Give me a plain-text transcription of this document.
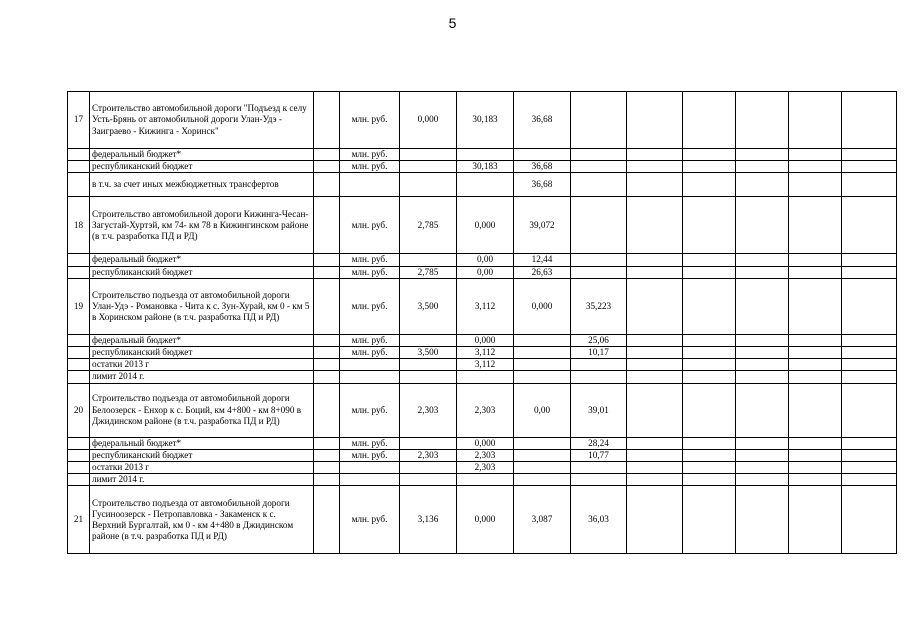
5
17	Строительство автомобильной дороги "Подъезд к селу Усть-Брянь от автомобильной дороги Улан-Удэ - Заиграево - Кижинга - Хоринск"		млн. руб.	0,000	30,183	36,68						
	федеральный бюджет*		млн. руб.									
	республиканский бюджет		млн. руб.		30,183	36,68						
	в т.ч. за счет иных межбюджетных трансфертов					36,68						
18	Строительство автомобильной дороги Кижинга-Чесан-Загустай-Хуртэй, км 74- км 78 в Кижингинском районе (в т.ч. разработка ПД и РД)		млн. руб.	2,785	0,000	39,072						
	федеральный бюджет*		млн. руб.		0,00	12,44						
	республиканский бюджет		млн. руб.	2,785	0,00	26,63						
19	Строительство подъезда от автомобильной дороги Улан-Удэ - Романовка - Чита к с. Зун-Хурай, км 0 - км 5 в Хоринском районе (в т.ч. разработка ПД и РД)		млн. руб.	3,500	3,112	0,000	35,223					
	федеральный бюджет*		млн. руб.		0,000		25,06					
	республиканский бюджет		млн. руб.	3,500	3,112		10,17					
	остатки 2013 г				3,112							
	лимит 2014 г.											
20	Строительство подъезда от автомобильной дороги Белоозерск - Енхор к с. Боций, км 4+800 - км 8+090 в Джидинском районе (в т.ч. разработка ПД и РД)		млн. руб.	2,303	2,303	0,00	39,01					
	федеральный бюджет*		млн. руб.		0,000		28,24					
	республиканский бюджет		млн. руб.	2,303	2,303		10,77					
	остатки 2013 г				2,303							
	лимит 2014 г.											
21	Строительство подъезда от автомобильной дороги Гусиноозерск - Петропавловка - Закаменск к с. Верхний Бургалтай, км 0 - км 4+480 в Джидинском районе (в т.ч. разработка ПД и РД)		млн. руб.	3,136	0,000	3,087	36,03					
